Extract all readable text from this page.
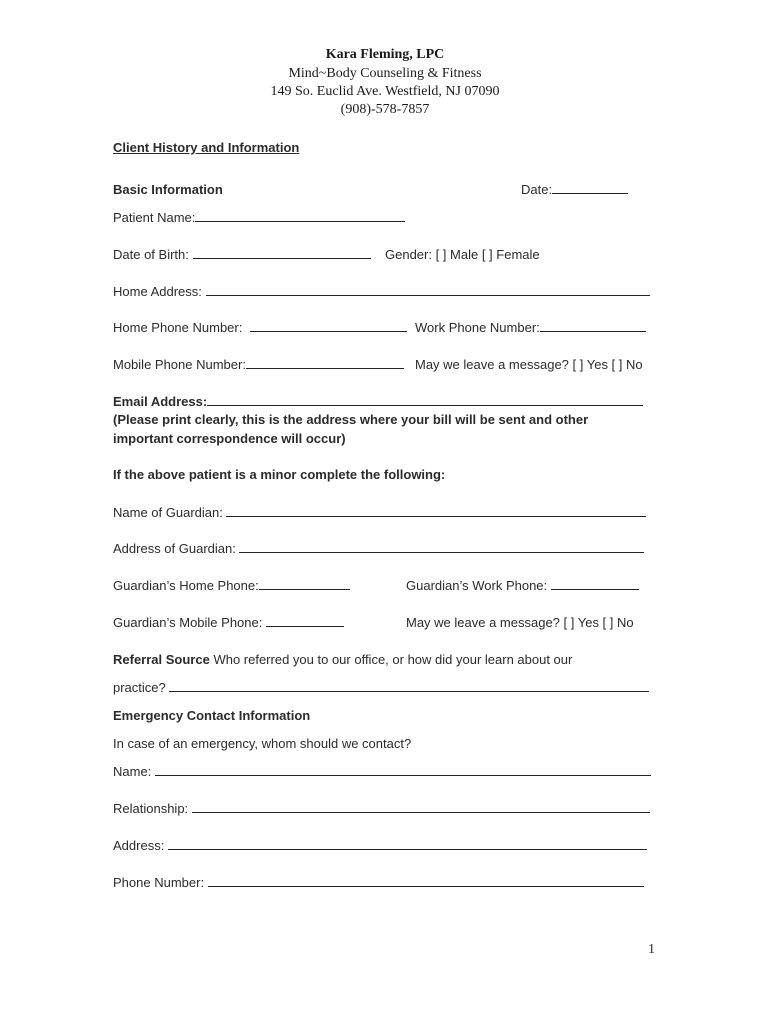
Kara Fleming, LPC
Mind~Body Counseling & Fitness
149 So. Euclid Ave. Westfield, NJ 07090
(908)-578-7857
Client History and Information
Basic Information	Date:
Patient Name:
Date of Birth:	Gender: [ ] Male [ ] Female
Home Address:
Home Phone Number:	Work Phone Number:
Mobile Phone Number:	May we leave a message? [ ] Yes [ ] No
Email Address:
(Please print clearly, this is the address where your bill will be sent and other
important correspondence will occur)
If the above patient is a minor complete the following:
Name of Guardian:
Address of Guardian:
Guardian’s Home Phone:	Guardian’s Work Phone:
Guardian’s Mobile Phone:	May we leave a message? [ ] Yes [ ] No
Referral Source Who referred you to our office, or how did your learn about our
practice?
Emergency Contact Information
In case of an emergency, whom should we contact?
Name:
Relationship:
Address:
Phone Number:
1
